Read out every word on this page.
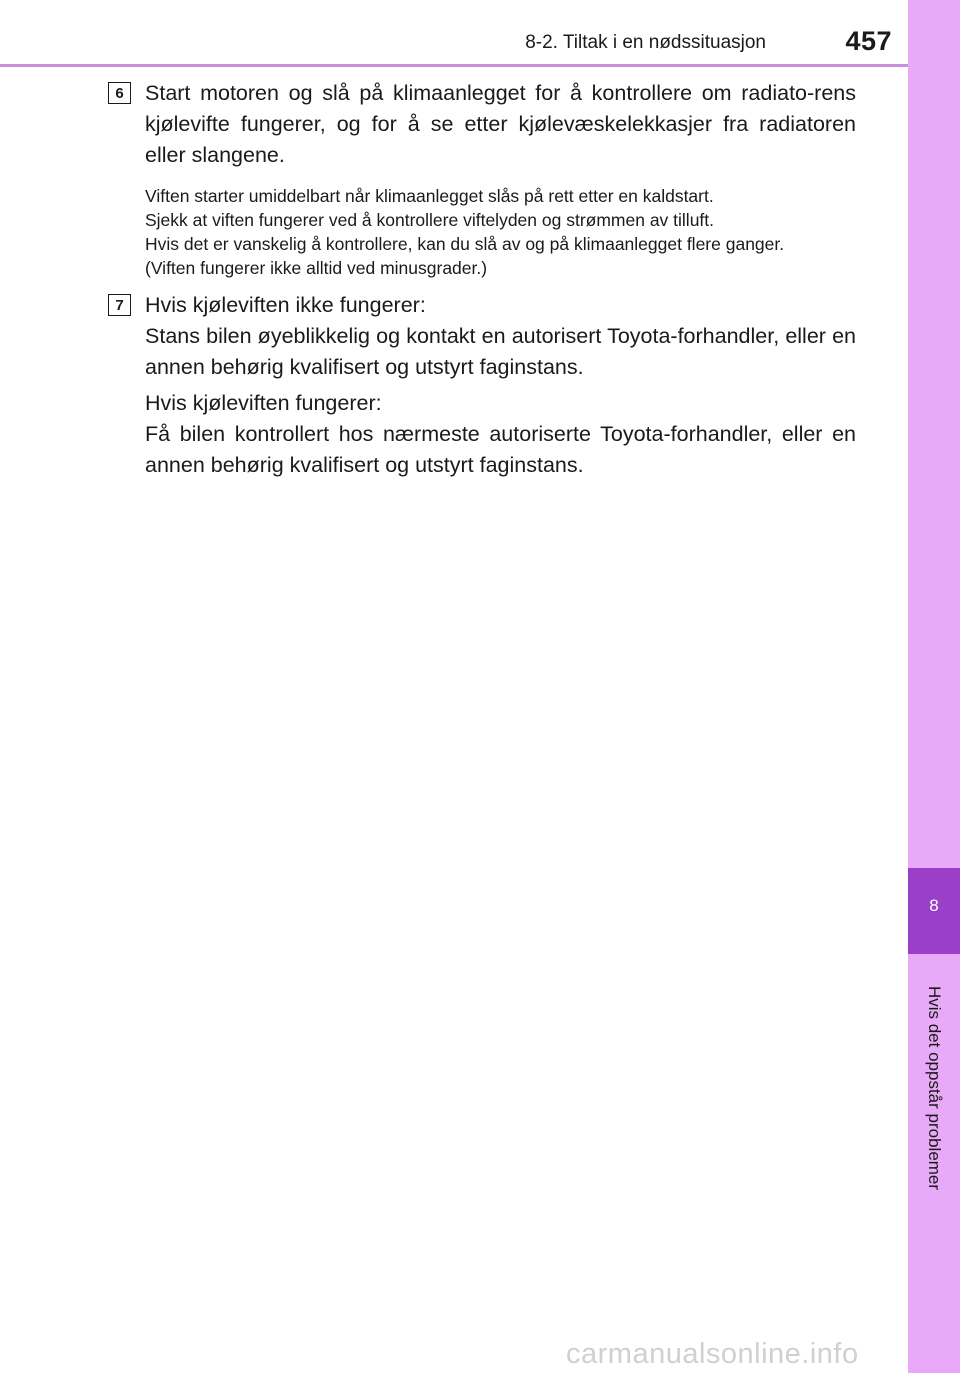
8-2. Tiltak i en nødssituasjon	457
8
Hvis det oppstår problemer
6 Start motoren og slå på klimaanlegget for å kontrollere om radiato-rens kjølevifte fungerer, og for å se etter kjølevæskelekkasjer fra radiatoren eller slangene.

Viften starter umiddelbart når klimaanlegget slås på rett etter en kaldstart.

Sjekk at viften fungerer ved å kontrollere viftelyden og strømmen av tilluft.

Hvis det er vanskelig å kontrollere, kan du slå av og på klimaanlegget flere ganger.

(Viften fungerer ikke alltid ved minusgrader.)

7 Hvis kjøleviften ikke fungerer:

Stans bilen øyeblikkelig og kontakt en autorisert Toyota-forhandler, eller en annen behørig kvalifisert og utstyrt faginstans.

Hvis kjøleviften fungerer:

Få bilen kontrollert hos nærmeste autoriserte Toyota-forhandler, eller en annen behørig kvalifisert og utstyrt faginstans.

carmanualsonline.info
